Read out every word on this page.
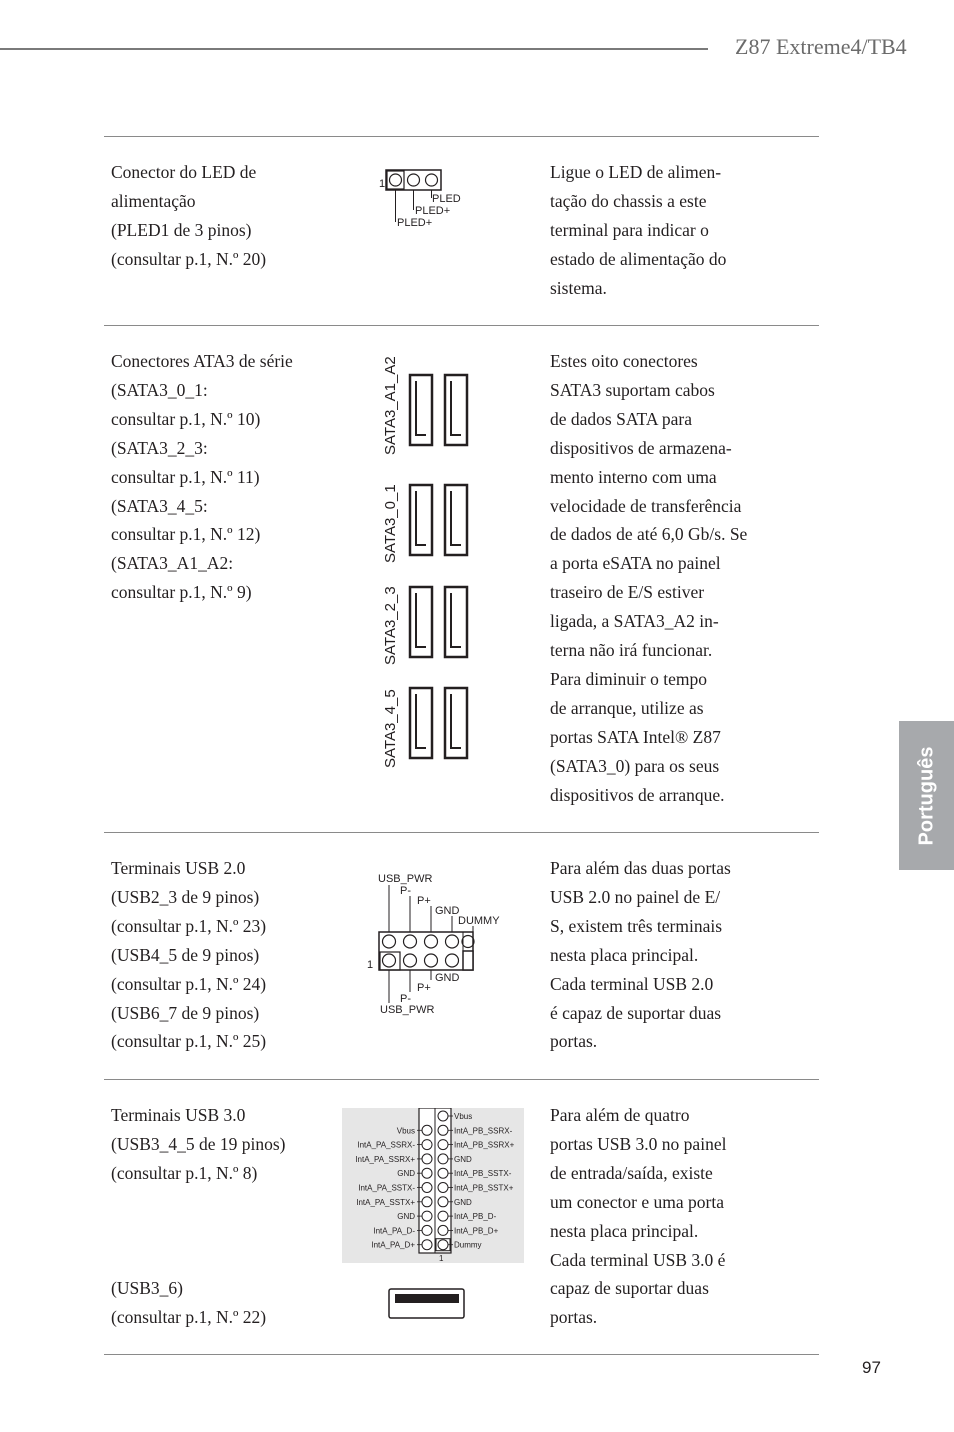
Z87 Extreme4/TB4
Conector do LED de
alimentação
(PLED1 de 3 pinos)
(consultar p.1, N.º 20)
1
PLED
PLED+
PLED+
Ligue o LED de alimen-
tação do chassis a este
terminal para indicar o
estado de alimentação do
sistema.
Conectores ATA3 de série
(SATA3_0_1:
consultar p.1, N.º 10)
(SATA3_2_3:
consultar p.1, N.º 11)
(SATA3_4_5:
consultar p.1, N.º 12)
(SATA3_A1_A2:
consultar p.1, N.º 9)
SATA3_A1_A2
SATA3_0_1
SATA3_2_3
SATA3_4_5
Estes oito conectores
SATA3 suportam cabos
de dados SATA para
dispositivos de armazena-
mento interno com uma
velocidade de transferência
de dados de até 6,0 Gb/s. Se
a porta eSATA no painel
traseiro de E/S estiver
ligada, a SATA3_A2 in-
terna não irá funcionar.
Para diminuir o tempo
de arranque, utilize as
portas SATA Intel® Z87
(SATA3_0) para os seus
dispositivos de arranque.
Terminais USB 2.0
(USB2_3 de 9 pinos)
(consultar p.1, N.º 23)
(USB4_5 de 9 pinos)
(consultar p.1, N.º 24)
(USB6_7 de 9 pinos)
(consultar p.1, N.º 25)
USB_PWR
P-
P+
GND
DUMMY
1
GND
P+
P-
USB_PWR
Para além das duas portas
USB 2.0 no painel de E/
S, existem três terminais
nesta placa principal.
Cada terminal USB 2.0
é capaz de suportar duas
portas.
Terminais USB 3.0
(USB3_4_5 de 19 pinos)
(consultar p.1, N.º 8)
(USB3_6)
(consultar p.1, N.º 22)
Vbus
IntA_PB_SSRX-
IntA_PB_SSRX+
GND
IntA_PB_SSTX-
IntA_PB_SSTX+
GND
IntA_PB_D-
IntA_PB_D+
Dummy
Vbus
IntA_PA_SSRX-
IntA_PA_SSRX+
GND
IntA_PA_SSTX-
IntA_PA_SSTX+
GND
IntA_PA_D-
IntA_PA_D+
1
Para além de quatro
portas USB 3.0 no painel
de entrada/saída, existe
um conector e uma porta
nesta placa principal.
Cada terminal USB 3.0 é
capaz de suportar duas
portas.
Português
97
